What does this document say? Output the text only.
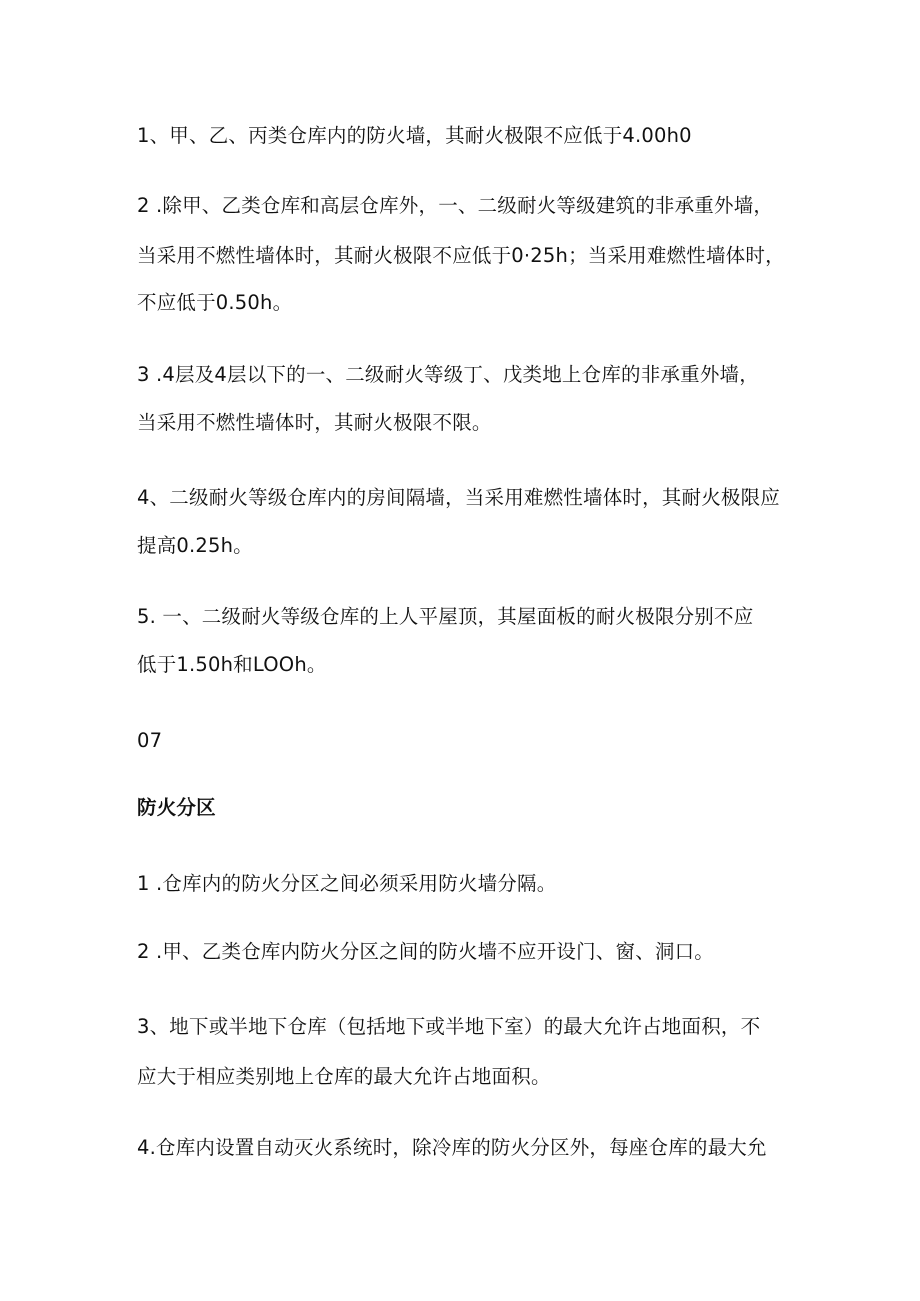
1、甲、乙、丙类仓库内的防火墙，其耐火极限不应低于4.00h0
2 .除甲、乙类仓库和高层仓库外，一、二级耐火等级建筑的非承重外墙，
当采用不燃性墙体时，其耐火极限不应低于0·25h；当采用难燃性墙体时，
不应低于0.50h。
3 .4层及4层以下的一、二级耐火等级丁、戊类地上仓库的非承重外墙，
当采用不燃性墙体时，其耐火极限不限。
4、二级耐火等级仓库内的房间隔墙，当采用难燃性墙体时，其耐火极限应
提高0.25h。
5. 一、二级耐火等级仓库的上人平屋顶，其屋面板的耐火极限分别不应
低于1.50h和LOOh。
07
防火分区
1 .仓库内的防火分区之间必须采用防火墙分隔。
2 .甲、乙类仓库内防火分区之间的防火墙不应开设门、窗、洞口。
3、地下或半地下仓库（包括地下或半地下室）的最大允许占地面积，不
应大于相应类别地上仓库的最大允许占地面积。
4.仓库内设置自动灭火系统时，除冷库的防火分区外，每座仓库的最大允
